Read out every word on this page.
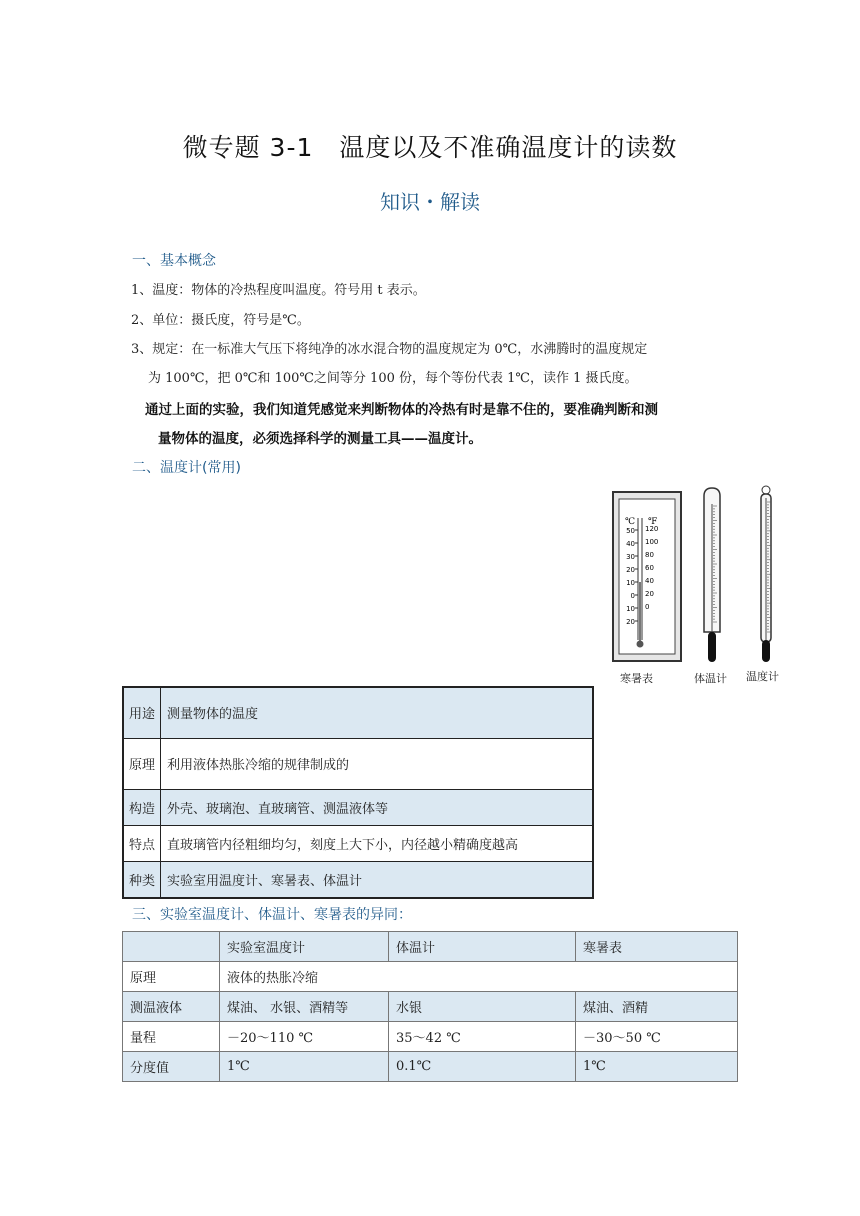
微专题 3-1　温度以及不准确温度计的读数
知识・解读
一、基本概念
1、温度：物体的冷热程度叫温度。符号用 t 表示。
2、单位：摄氏度，符号是℃。
3、规定：在一标准大气压下将纯净的冰水混合物的温度规定为 0℃，水沸腾时的温度规定
为 100℃，把 0℃和 100℃之间等分 100 份，每个等份代表 1℃，读作 1 摄氏度。
通过上面的实验，我们知道凭感觉来判断物体的冷热有时是靠不住的，要准确判断和测
量物体的温度，必须选择科学的测量工具——温度计。
二、温度计(常用)
℃ ℉
50
40
30
20
10
0
10
20
120
100
80
60
40
20
0
寒暑表	体温计 温度计
用途	测量物体的温度
原理	利用液体热胀冷缩的规律制成的
构造	外壳、玻璃泡、直玻璃管、测温液体等
特点	直玻璃管内径粗细均匀，刻度上大下小，内径越小精确度越高
种类	实验室用温度计、寒暑表、体温计
三、实验室温度计、体温计、寒暑表的异同：
	实验室温度计	体温计	寒暑表
原理	液体的热胀冷缩		
测温液体	煤油、 水银、酒精等	水银	煤油、酒精
量程	－20～110 ℃	35～42 ℃	－30～50 ℃
分度值	1℃	0.1℃	1℃
